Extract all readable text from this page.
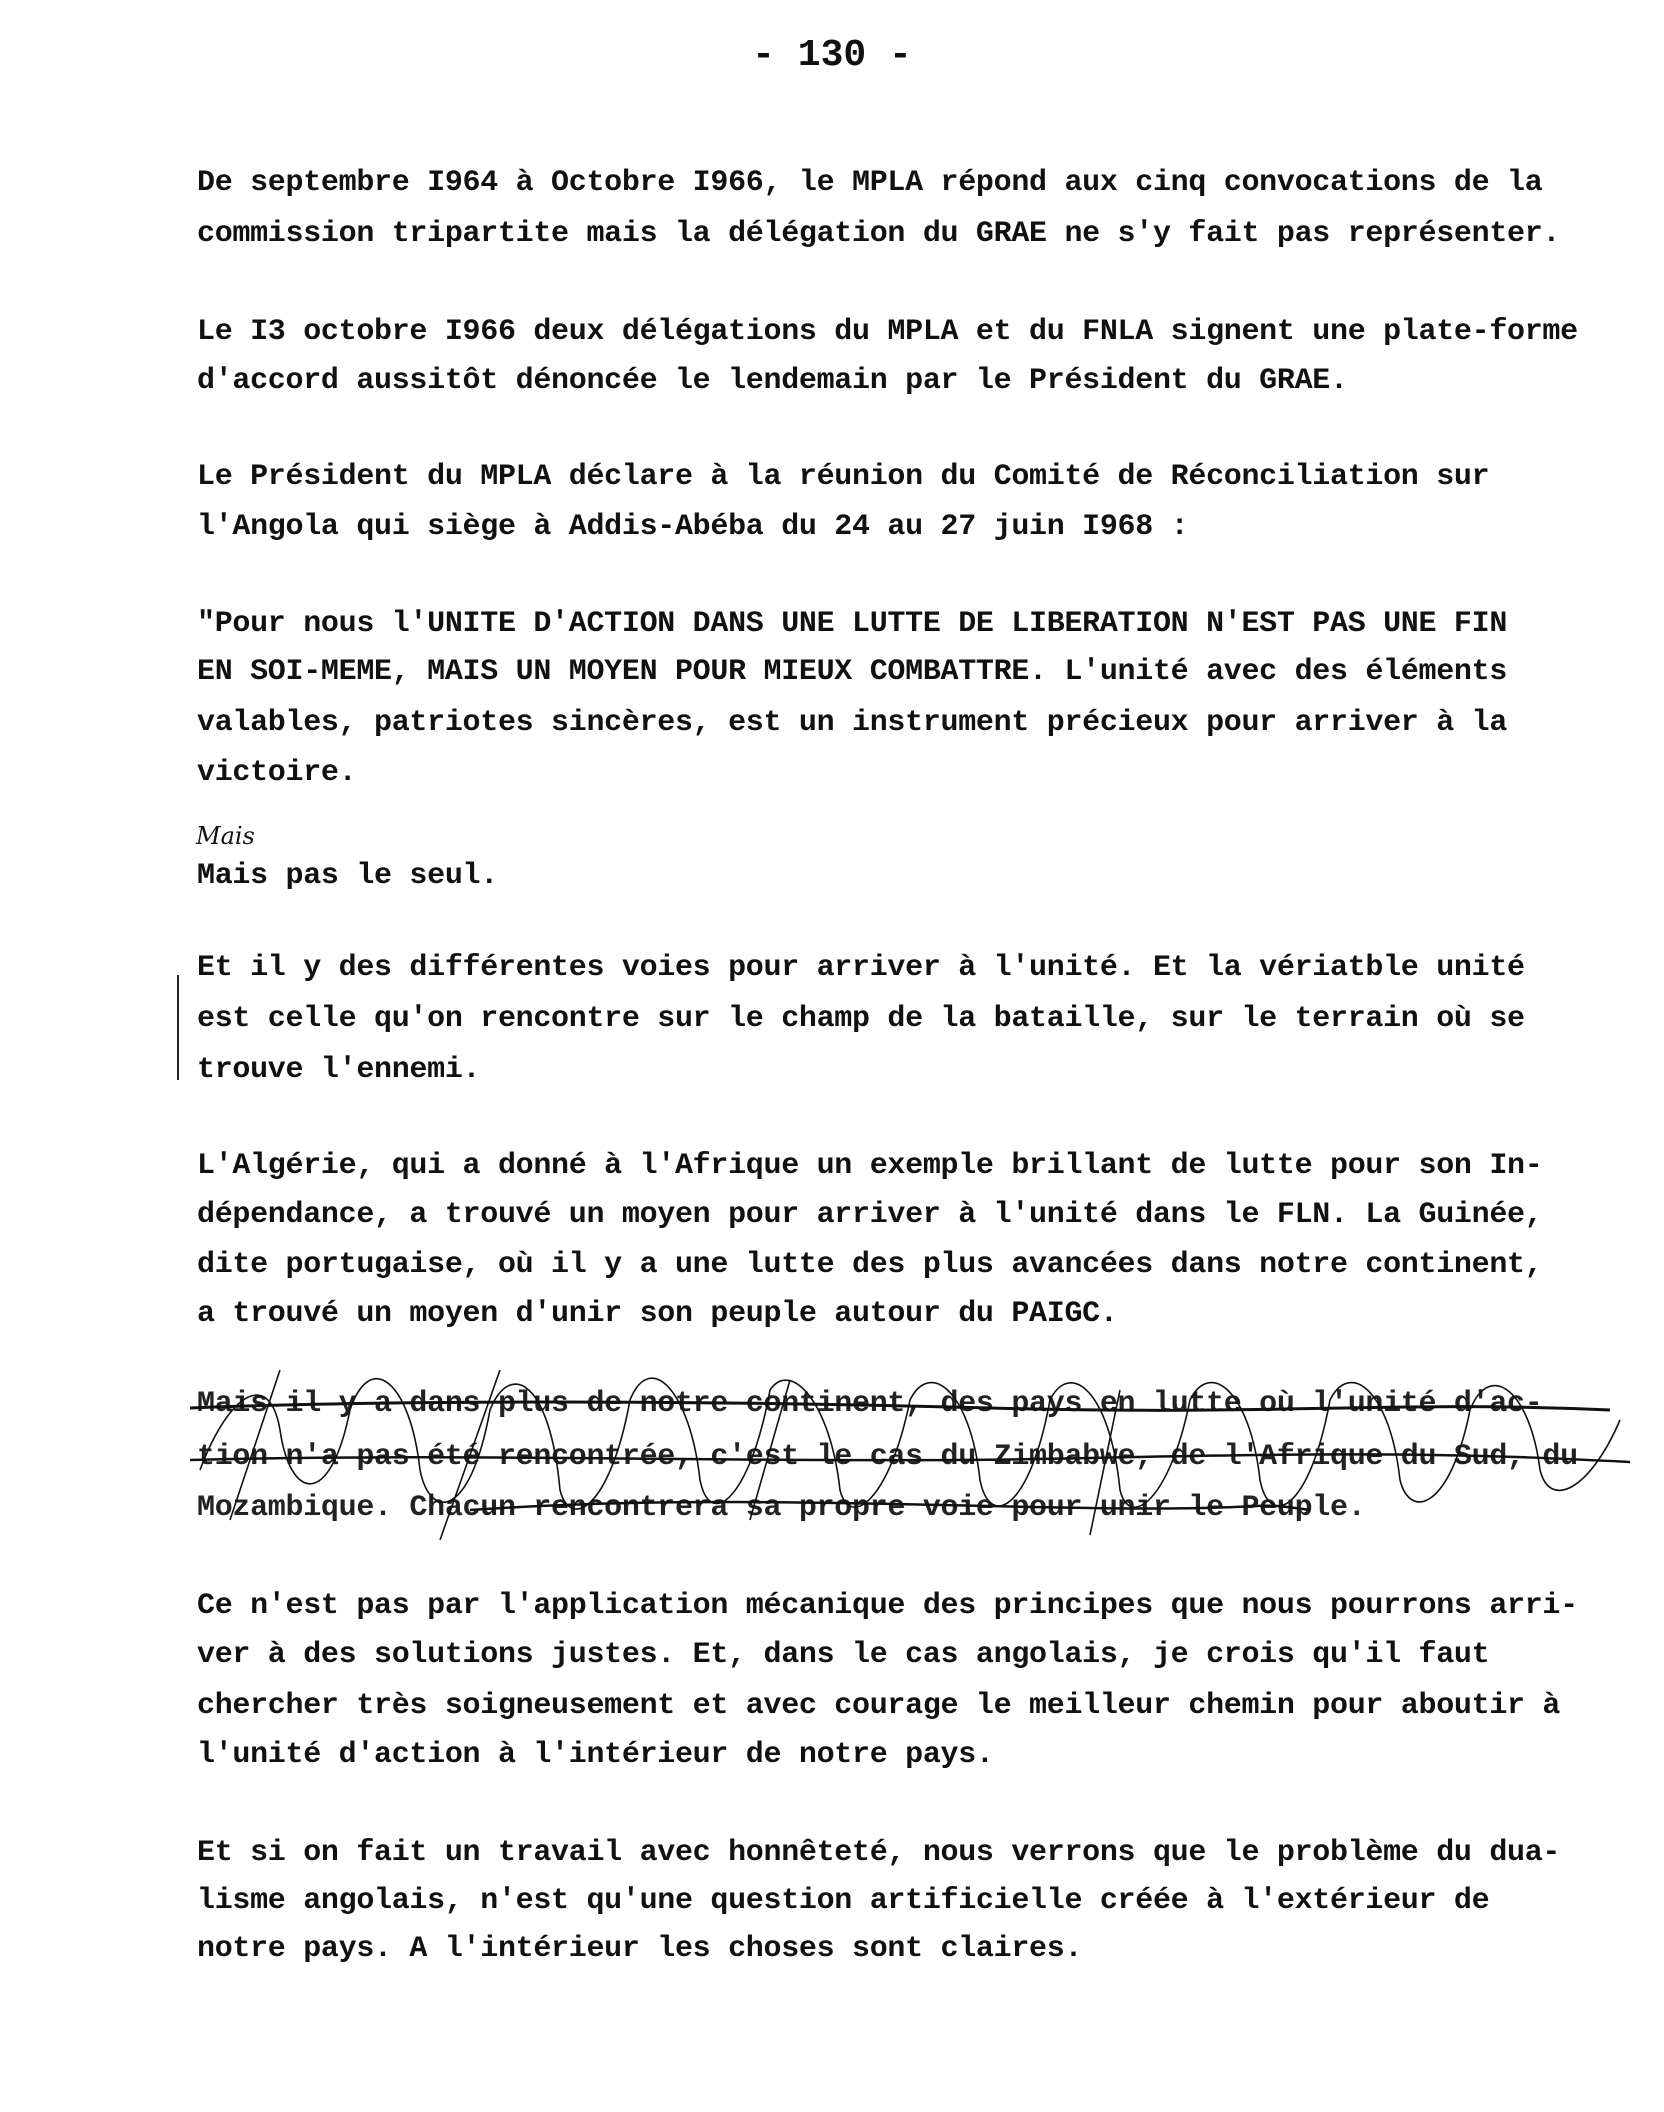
- 130 -
De septembre I964 à Octobre I966, le MPLA répond aux cinq convocations de la
commission tripartite mais la délégation du GRAE ne s'y fait pas représenter.
Le I3 octobre I966 deux délégations du MPLA et du FNLA signent une plate-forme
d'accord aussitôt dénoncée le lendemain par le Président du GRAE.
Le Président du MPLA déclare à la réunion du Comité de Réconciliation sur
l'Angola qui siège à Addis-Abéba du 24 au 27 juin I968 :
"Pour nous l'UNITE D'ACTION DANS UNE LUTTE DE LIBERATION N'EST PAS UNE FIN
EN SOI-MEME, MAIS UN MOYEN POUR MIEUX COMBATTRE. L'unité avec des éléments
valables, patriotes sincères, est un instrument précieux pour arriver à la
victoire.
Mais pas le seul.
Et il y des différentes voies pour arriver à l'unité. Et la vériatble unité
est celle qu'on rencontre sur le champ de la bataille, sur le terrain où se
trouve l'ennemi.
L'Algérie, qui a donné à l'Afrique un exemple brillant de lutte pour son In-
dépendance, a trouvé un moyen pour arriver à l'unité dans le FLN. La Guinée,
dite portugaise, où il y a une lutte des plus avancées dans notre continent,
a trouvé un moyen d'unir son peuple autour du PAIGC.
Mais il y a dans plus de notre continent, des pays en lutte où l'unité d'ac-
tion n'a pas été rencontrée, c'est le cas du Zimbabwe, de l'Afrique du Sud, du
Mozambique. Chacun rencontrera sa propre voie pour unir le Peuple.
Ce n'est pas par l'application mécanique des principes que nous pourrons arri-
ver à des solutions justes. Et, dans le cas angolais, je crois qu'il faut
chercher très soigneusement et avec courage le meilleur chemin pour aboutir à
l'unité d'action à l'intérieur de notre pays.
Et si on fait un travail avec honnêteté, nous verrons que le problème du dua-
lisme angolais, n'est qu'une question artificielle créée à l'extérieur de
notre pays. A l'intérieur les choses sont claires.
Mais
